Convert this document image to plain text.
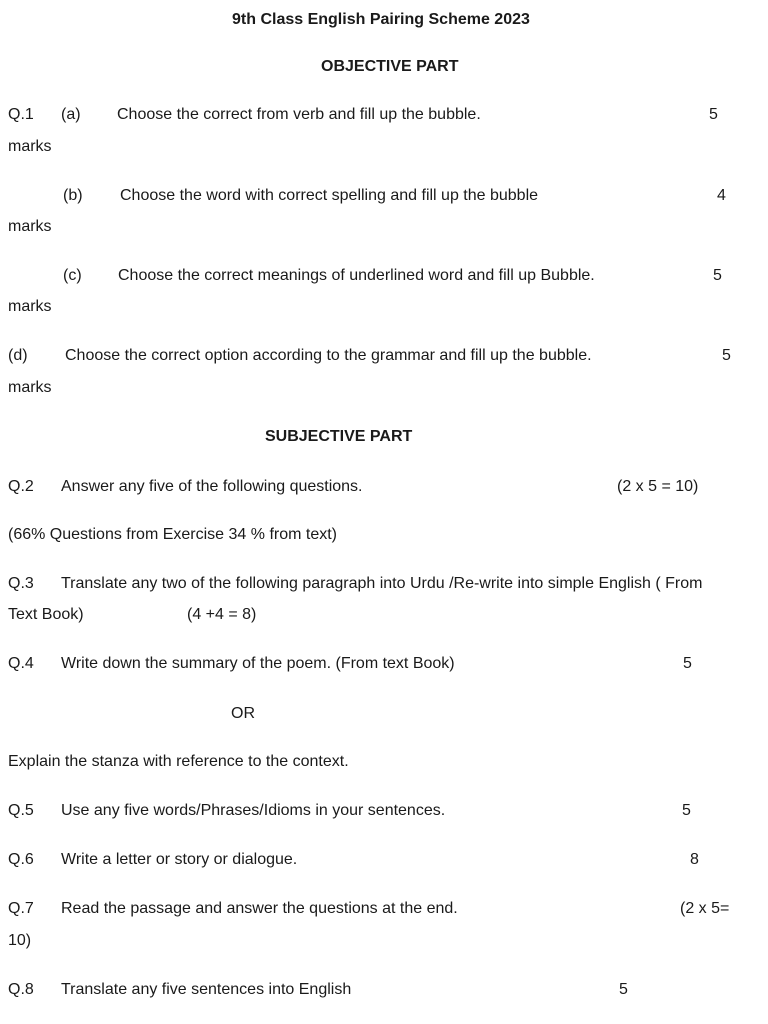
9th Class English Pairing Scheme 2023
OBJECTIVE PART
Q.1 (a) Choose the correct from verb and fill up the bubble.	5
marks
(b) Choose the word with correct spelling and fill up the bubble	4
marks
(c) Choose the correct meanings of underlined word and fill up Bubble.	5
marks
(d) Choose the correct option according to the grammar and fill up the bubble.	5
marks
SUBJECTIVE PART
Q.2 Answer any five of the following questions.	(2 x 5 = 10)
(66% Questions from Exercise 34 % from text)
Q.3 Translate any two of the following paragraph into Urdu /Re-write into simple English ( From
Text Book)	(4 +4 = 8)
Q.4 Write down the summary of the poem. (From text Book)	5
OR
Explain the stanza with reference to the context.
Q.5 Use any five words/Phrases/Idioms in your sentences.	5
Q.6 Write a letter or story or dialogue.	8
Q.7 Read the passage and answer the questions at the end.	(2 x 5=
10)
Q.8 Translate any five sentences into English	5
